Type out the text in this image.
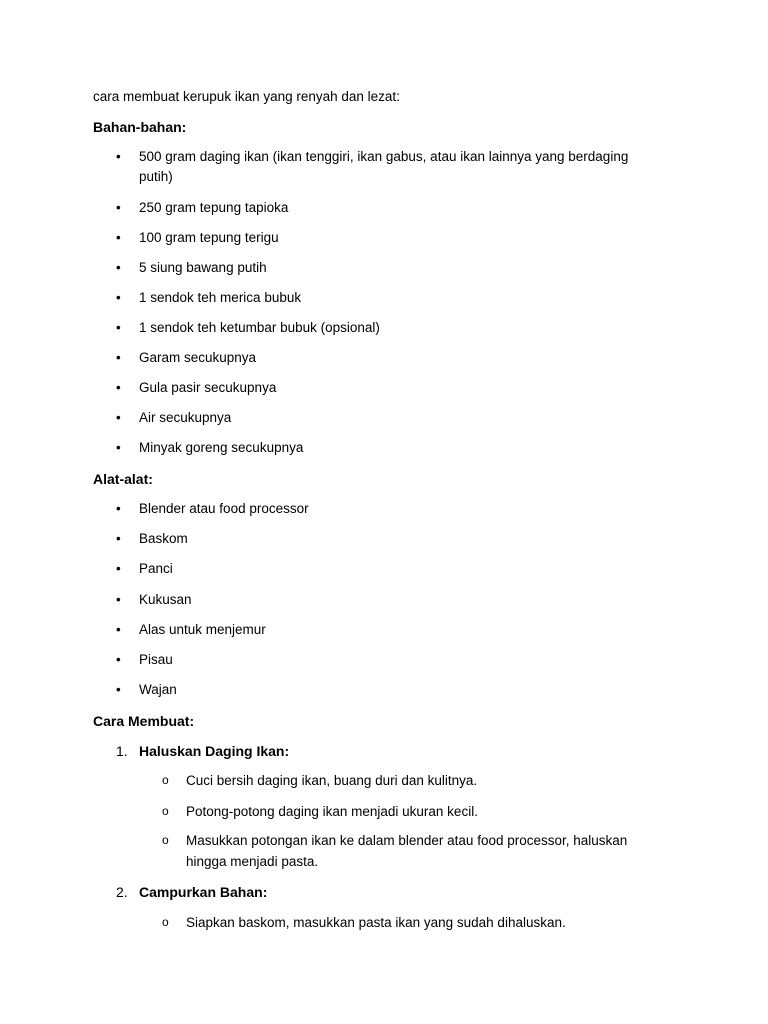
cara membuat kerupuk ikan yang renyah dan lezat:
Bahan-bahan:
•	500 gram daging ikan (ikan tenggiri, ikan gabus, atau ikan lainnya yang berdaging putih)
•	250 gram tepung tapioka
•	100 gram tepung terigu
•	5 siung bawang putih
•	1 sendok teh merica bubuk
•	1 sendok teh ketumbar bubuk (opsional)
•	Garam secukupnya
•	Gula pasir secukupnya
•	Air secukupnya
•	Minyak goreng secukupnya
Alat-alat:
•	Blender atau food processor
•	Baskom
•	Panci
•	Kukusan
•	Alas untuk menjemur
•	Pisau
•	Wajan
Cara Membuat:
1. Haluskan Daging Ikan:
o Cuci bersih daging ikan, buang duri dan kulitnya.
o Potong-potong daging ikan menjadi ukuran kecil.
o Masukkan potongan ikan ke dalam blender atau food processor, haluskan hingga menjadi pasta.
2. Campurkan Bahan:
o Siapkan baskom, masukkan pasta ikan yang sudah dihaluskan.
